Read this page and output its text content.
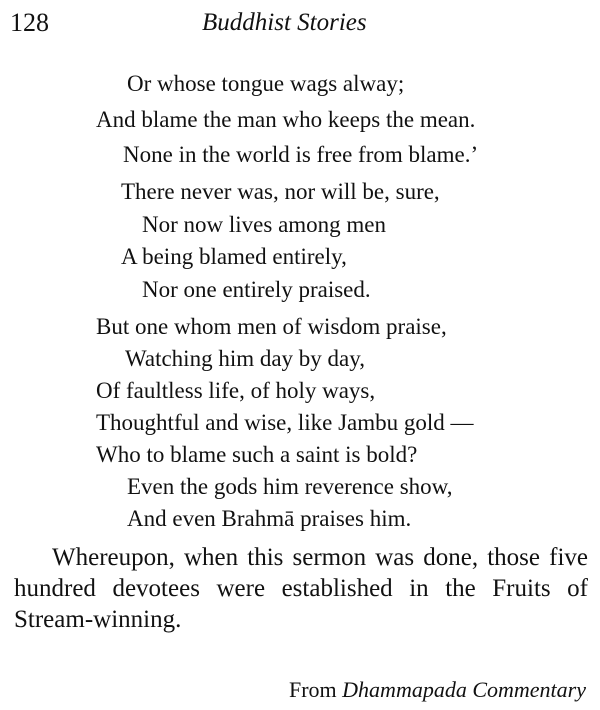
128	Buddhist Stories
Or whose tongue wags alway;
And blame the man who keeps the mean.
None in the world is free from blame.’
There never was, nor will be, sure,
Nor now lives among men
A being blamed entirely,
Nor one entirely praised.
But one whom men of wisdom praise,
Watching him day by day,
Of faultless life, of holy ways,
Thoughtful and wise, like Jambu gold —
Who to blame such a saint is bold?
Even the gods him reverence show,
And even Brahmā praises him.
Whereupon, when this sermon was done, those five hundred devotees were established in the Fruits of Stream-winning.
From Dhammapada Commentary
